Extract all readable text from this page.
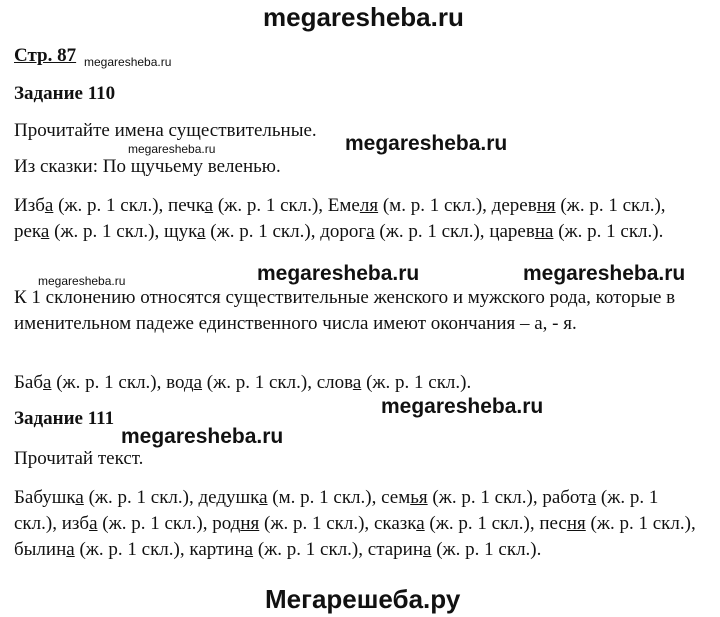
megaresheba.ru
Стр. 87 megaresheba.ru
Задание 110
Прочитайте имена существительные.
megaresheba.ru	megaresheba.ru
Из сказки: По щучьему веленью.
Изба (ж. р. 1 скл.), печка (ж. р. 1 скл.), Емеля (м. р. 1 скл.), деревня (ж. р. 1 скл.), река (ж. р. 1 скл.), щука (ж. р. 1 скл.), дорога (ж. р. 1 скл.), царевна (ж. р. 1 скл.).
megaresheba.ru	megaresheba.ru	megaresheba.ru
К 1 склонению относятся существительные женского и мужского рода, которые в именительном падеже единственного числа имеют окончания – а, - я.
Баба (ж. р. 1 скл.), вода (ж. р. 1 скл.), слова (ж. р. 1 скл.).
megaresheba.ru
Задание 111
megaresheba.ru
Прочитай текст.
Бабушка (ж. р. 1 скл.), дедушка (м. р. 1 скл.), семья (ж. р. 1 скл.), работа (ж. р. 1 скл.), изба (ж. р. 1 скл.), родня (ж. р. 1 скл.), сказка (ж. р. 1 скл.), песня (ж. р. 1 скл.), былина (ж. р. 1 скл.), картина (ж. р. 1 скл.), старина (ж. р. 1 скл.).
Мегарешеба.ру
